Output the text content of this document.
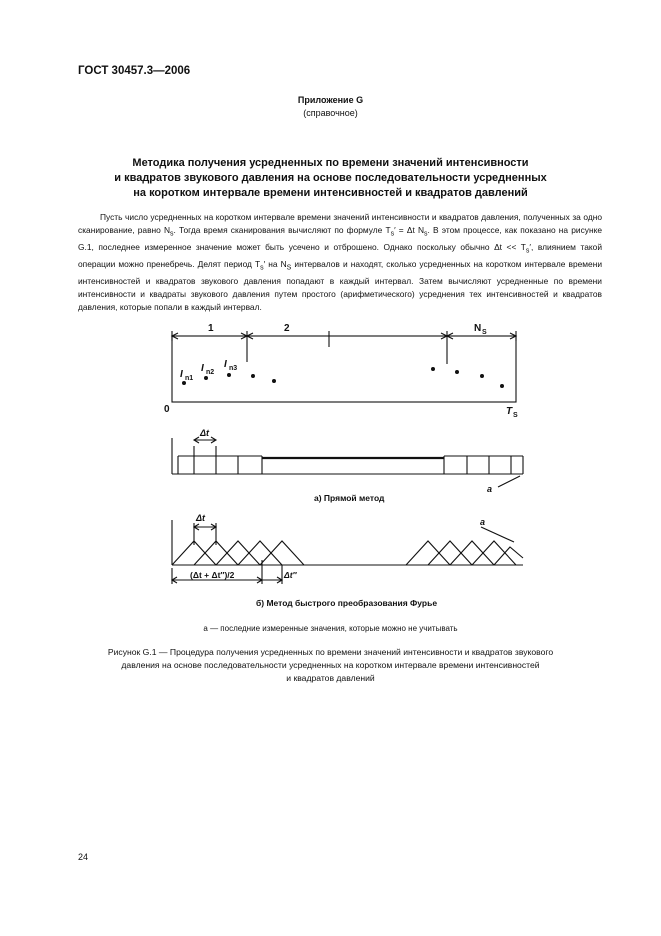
ГОСТ 30457.3—2006
Приложение G
(справочное)
Методика получения усредненных по времени значений интенсивности
и квадратов звукового давления на основе последовательности усредненных
на коротком интервале времени интенсивностей и квадратов давлений
Пусть число усредненных на коротком интервале времени значений интенсивности и квадратов давления, полученных за одно сканирование, равно $N_s$. Тогда время сканирования вычисляют по формуле $T_s' = \Delta t$ $N_s$. В этом процессе, как показано на рисунке G.1, последнее измеренное значение может быть усечено и отброшено. Однако поскольку обычно $\Delta t << T_s'$, влиянием такой операции можно пренебречь. Делят период $T_s'$ на $N_S$ интервалов и находят, сколько усредненных на коротком интервале времени интенсивностей и квадратов звукового давления попадают в каждый интервал. Затем вычисляют усредненные по времени интенсивности и квадраты звукового давления путем простого (арифметического) усреднения тех интенсивностей и квадратов давления, которые попали в каждый интервал.
1	2	N S
0	T S
I n1
I n2
I n3
Δt
a
а) Прямой метод
Δt	a
(Δt + Δt″)/2	Δt″
б) Метод быстрого преобразования Фурье
a — последние измеренные значения, которые можно не учитывать
Рисунок G.1 — Процедура получения усредненных по времени значений интенсивности и квадратов звукового
давления на основе последовательности усредненных на коротком интервале времени интенсивностей
и квадратов давлений
24
